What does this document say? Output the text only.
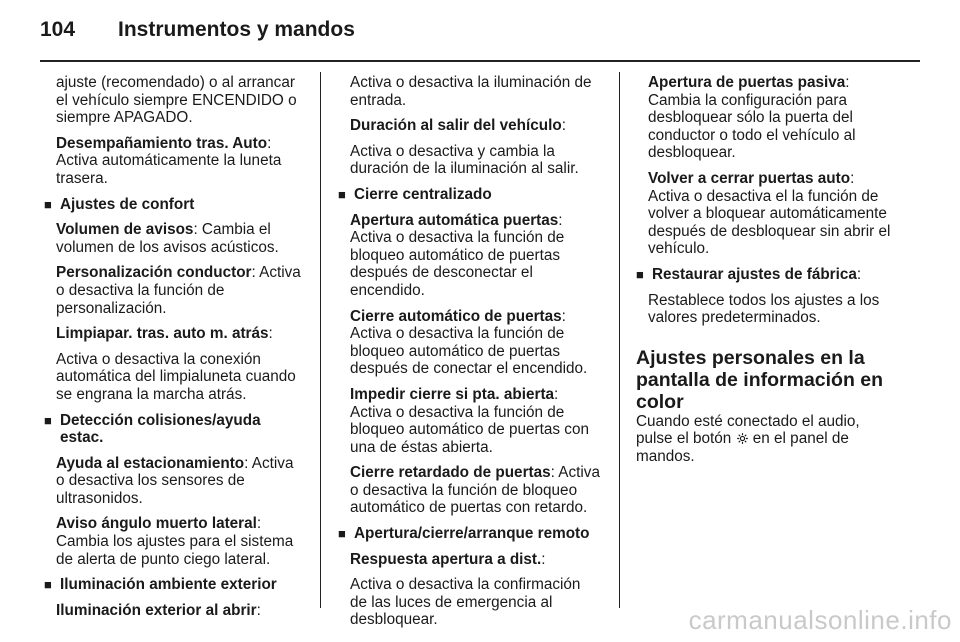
104 Instrumentos y mandos

ajuste (recomendado) o al arrancar el vehículo siempre ENCENDIDO o siempre APAGADO.

Desempañamiento tras. Auto: Activa automáticamente la luneta trasera.

■ Ajustes de confort

Volumen de avisos: Cambia el volumen de los avisos acústicos.

Personalización conductor: Activa o desactiva la función de personalización.

Limpiapar. tras. auto m. atrás:

Activa o desactiva la conexión automática del limpialuneta cuando se engrana la marcha atrás.

■ Detección colisiones/ayuda estac.

Ayuda al estacionamiento: Activa o desactiva los sensores de ultrasonidos.

Aviso ángulo muerto lateral: Cambia los ajustes para el sistema de alerta de punto ciego lateral.

■ Iluminación ambiente exterior

Iluminación exterior al abrir:

Activa o desactiva la iluminación de entrada.

Duración al salir del vehículo:

Activa o desactiva y cambia la duración de la iluminación al salir.

■ Cierre centralizado

Apertura automática puertas: Activa o desactiva la función de bloqueo automático de puertas después de desconectar el encendido.

Cierre automático de puertas: Activa o desactiva la función de bloqueo automático de puertas después de conectar el encendido.

Impedir cierre si pta. abierta: Activa o desactiva la función de bloqueo automático de puertas con una de éstas abierta.

Cierre retardado de puertas: Activa o desactiva la función de bloqueo automático de puertas con retardo.

■ Apertura/cierre/arranque remoto

Respuesta apertura a dist.:

Activa o desactiva la confirmación de las luces de emergencia al desbloquear.

Apertura de puertas pasiva: Cambia la configuración para desbloquear sólo la puerta del conductor o todo el vehículo al desbloquear.

Volver a cerrar puertas auto: Activa o desactiva el la función de volver a bloquear automáticamente después de desbloquear sin abrir el vehículo.

■ Restaurar ajustes de fábrica:

Restablece todos los ajustes a los valores predeterminados.

Ajustes personales en la pantalla de información en color

Cuando esté conectado el audio, pulse el botón en el panel de mandos.

carmanualsonline.info
